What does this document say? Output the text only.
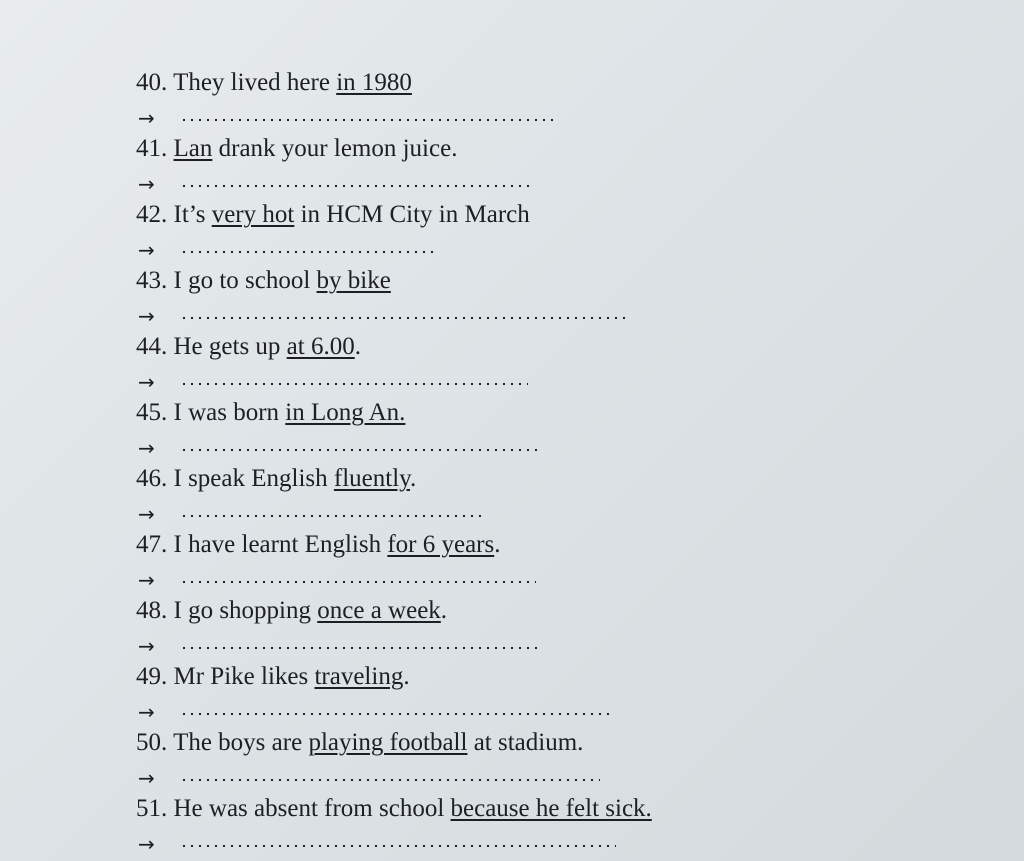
40. They lived here in 1980
→
41. Lan drank your lemon juice.
→
42. It’s very hot in HCM City in March
→
43. I go to school by bike
→
44. He gets up at 6.00.
→
45. I was born in Long An.
→
46. I speak English fluently.
→
47. I have learnt English for 6 years.
→
48. I go shopping once a week.
→
49. Mr Pike likes traveling.
→
50. The boys are playing football at stadium.
→
51. He was absent from school because he felt sick.
→
